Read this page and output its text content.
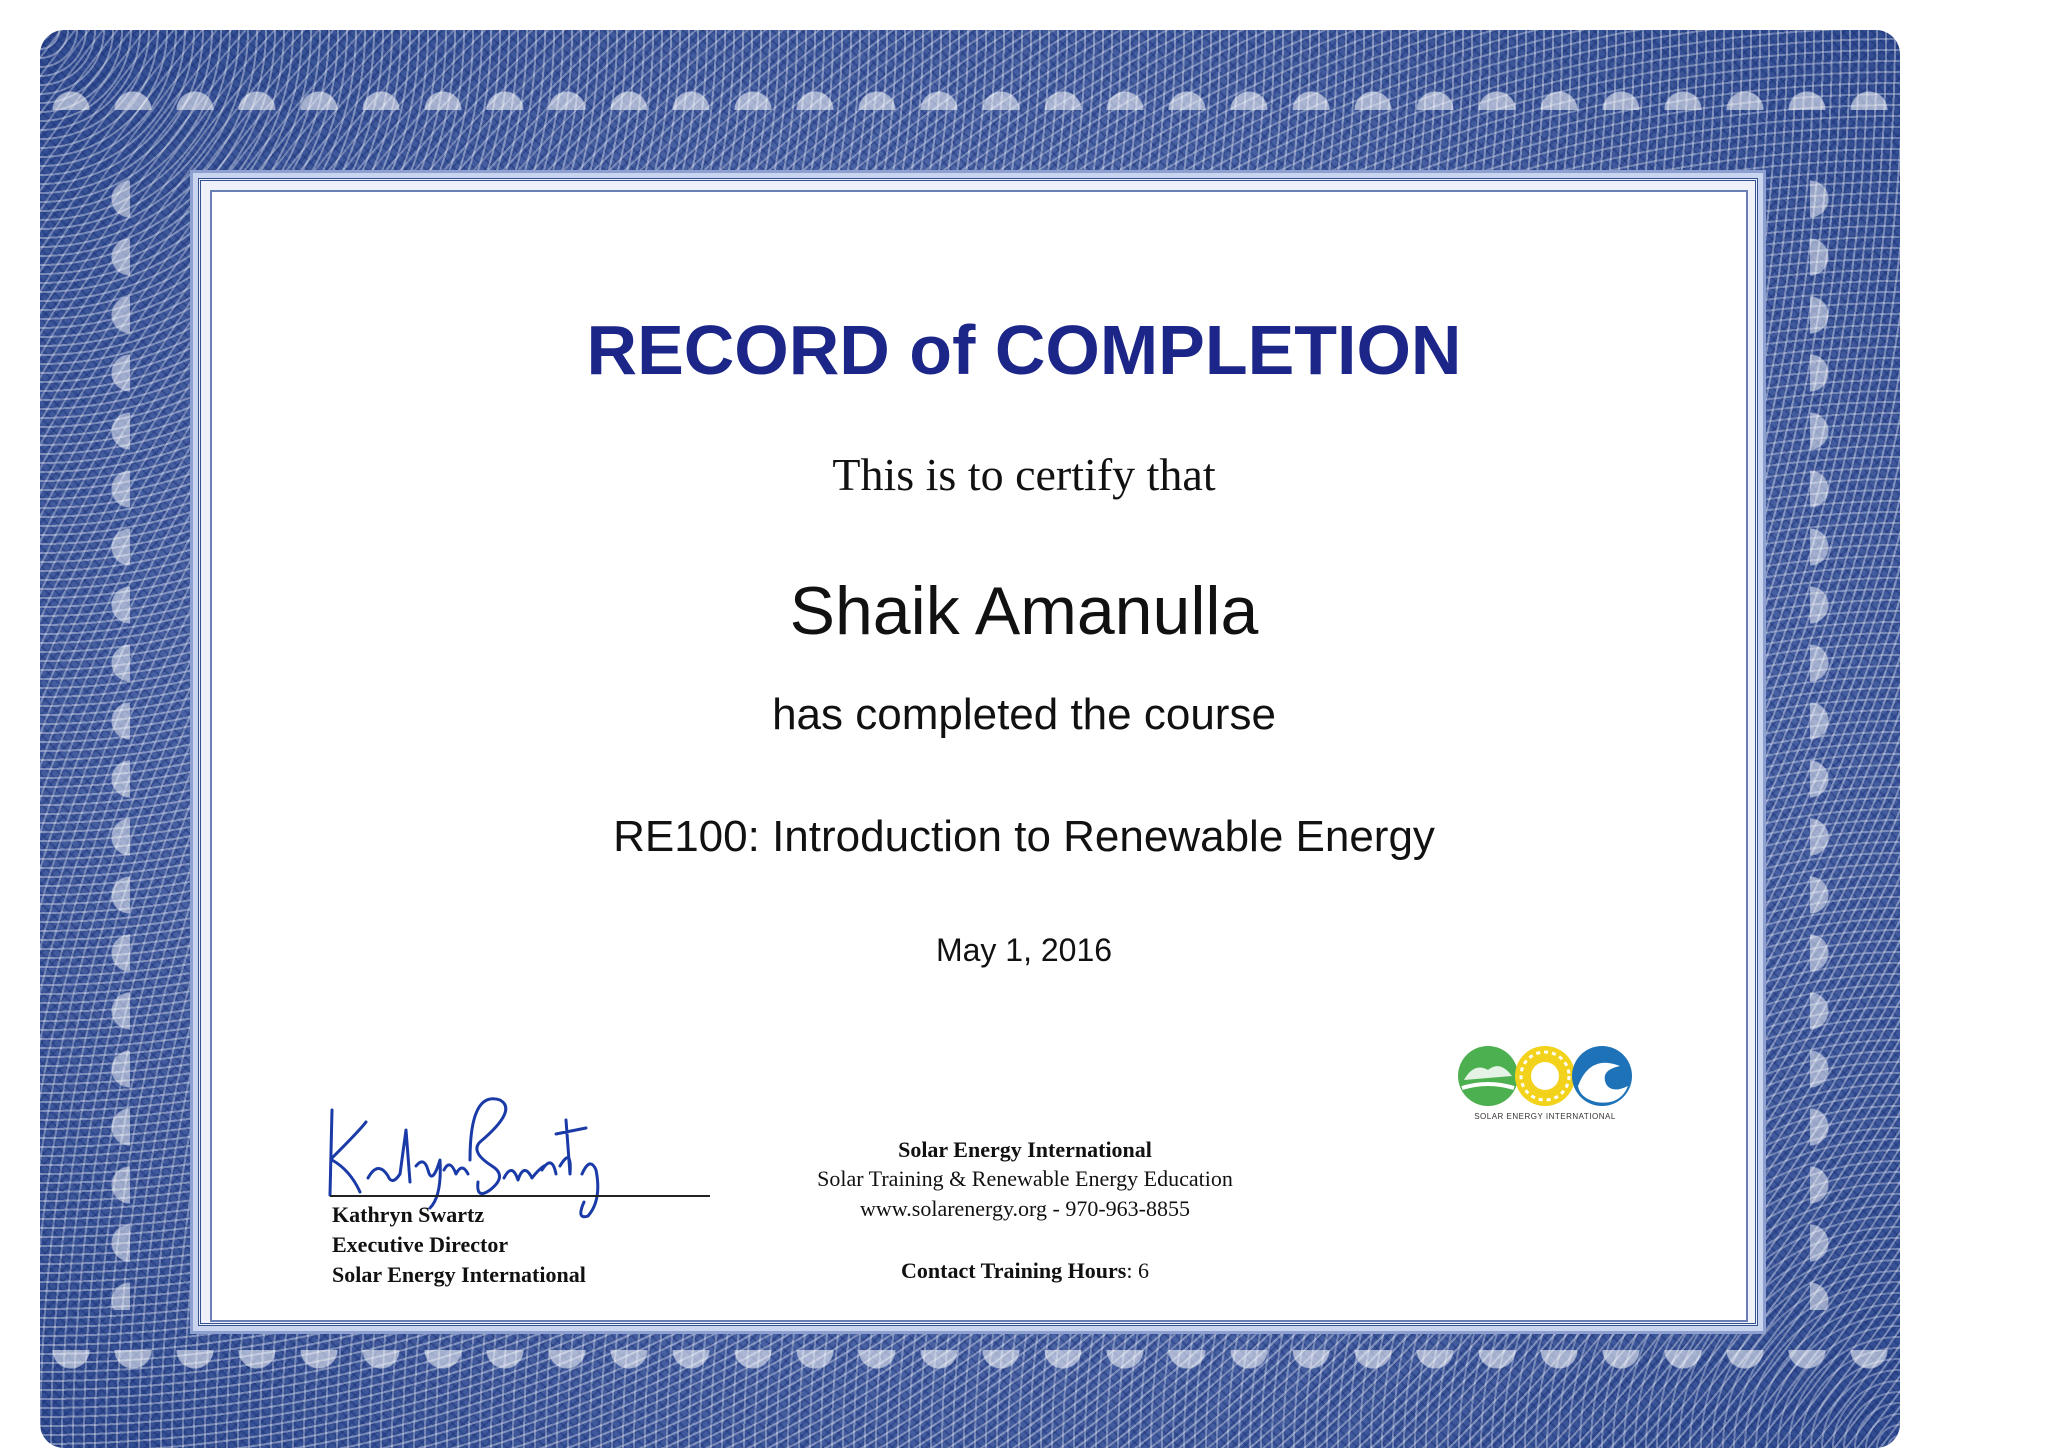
RECORD of COMPLETION

This is to certify that

Shaik Amanulla

has completed the course

RE100: Introduction to Renewable Energy

May 1, 2016

SOLAR ENERGY INTERNATIONAL

Kathryn Swartz

Executive Director

Solar Energy International

Solar Energy International

Solar Training & Renewable Energy Education

www.solarenergy.org - 970-963-8855

Contact Training Hours: 6
